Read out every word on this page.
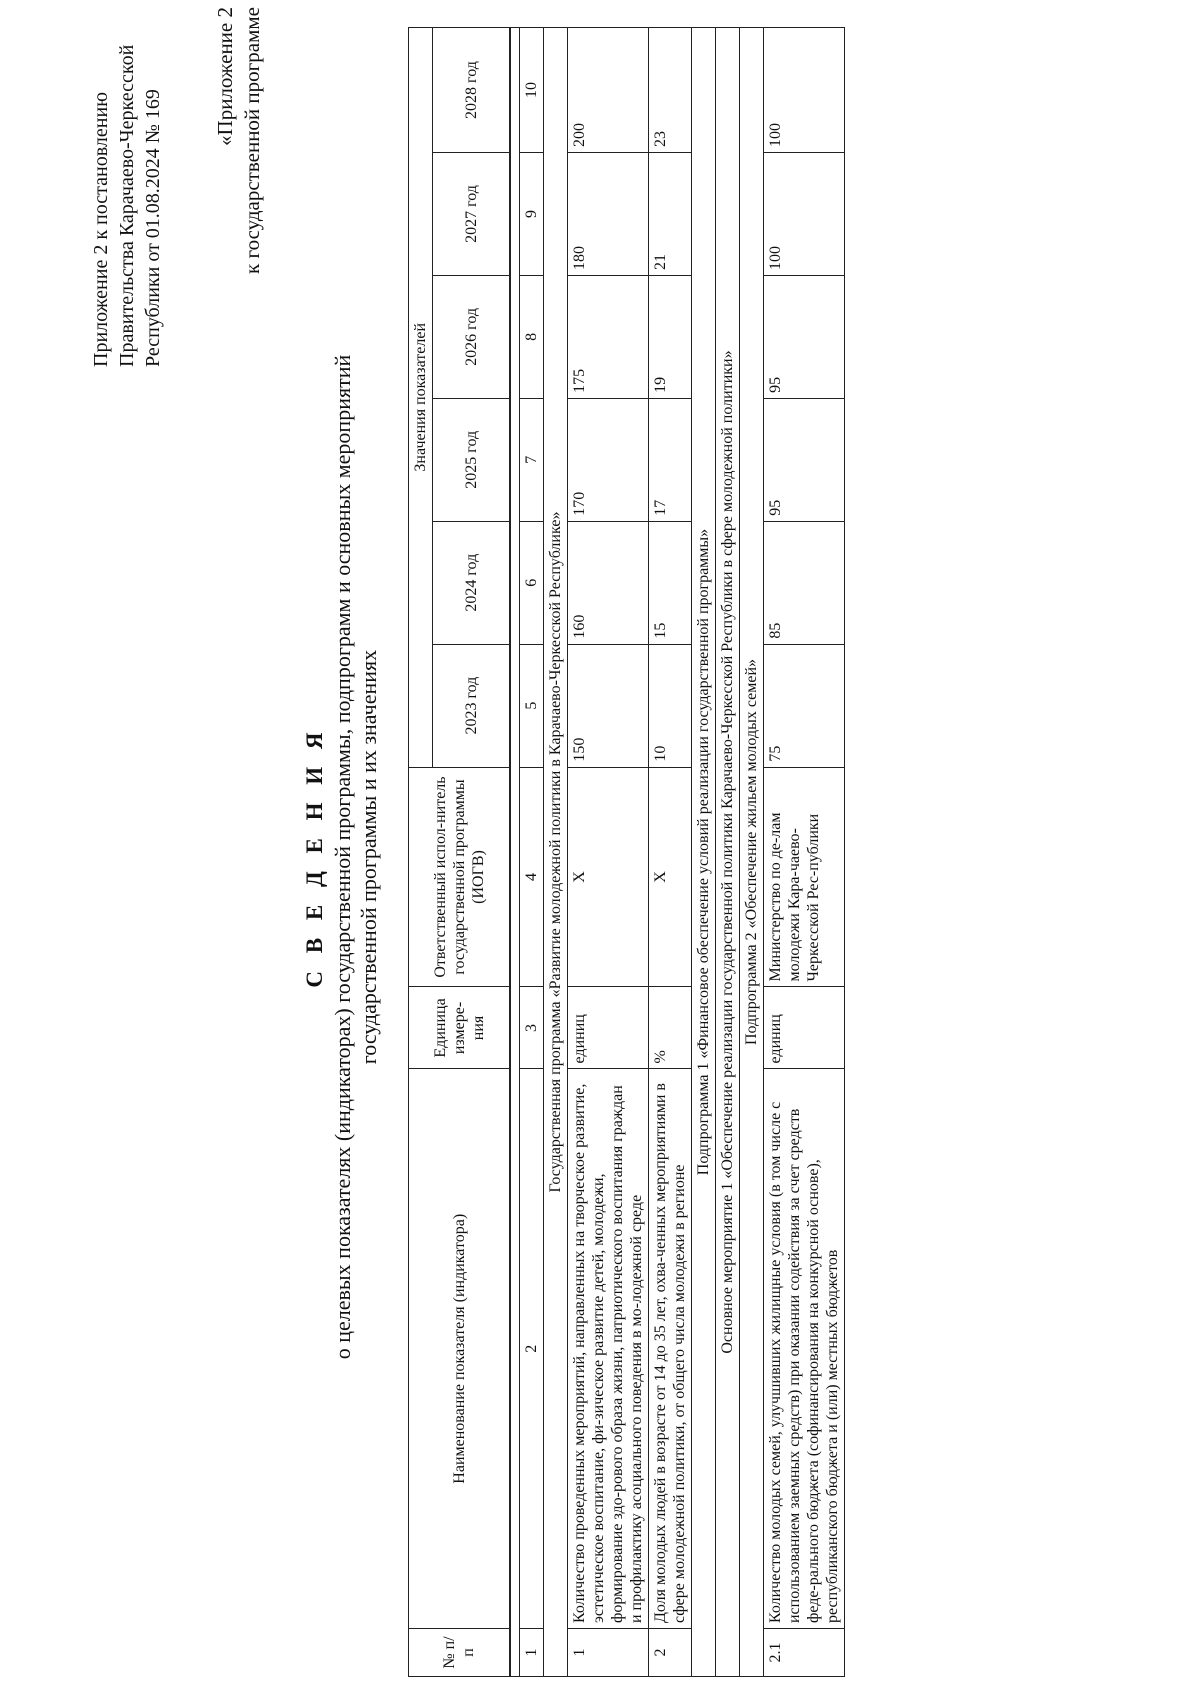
Приложение 2 к постановлению Правительства Карачаево-Черкесской Республики от 01.08.2024 № 169
«Приложение 2 к государственной программе
С В Е Д Е Н И Я о целевых показателях (индикаторах) государственной программы, подпрограмм и основных мероприятий государственной программы и их значениях
№ п/п	Наименование показателя (индикатора)	Единица измере-ния	Ответственный испол-нитель государственной программы (ИОГВ)	Значения показателей					
				2023 год	2024 год	2025 год	2026 год	2027 год	2028 год

1	2	3	4	5	6	7	8	9	10
Государственная программа «Развитие молодежной политики в Карачаево-Черкесской Республике»									
1	Количество проведенных мероприятий, направленных на творческое развитие, эстетическое воспитание, фи-зическое развитие детей, молодежи, формирование здо-рового образа жизни, патриотического воспитания граждан и профилактику асоциального поведения в мо-лодежной среде	единиц	Х	150	160	170	175	180	200
2	Доля молодых людей в возрасте от 14 до 35 лет, охва-ченных мероприятиями в сфере молодежной политики, от общего числа молодежи в регионе	%	Х	10	15	17	19	21	23
Подпрограмма 1 «Финансовое обеспечение условий реализации государственной программы»									
Основное мероприятие 1 «Обеспечение реализации государственной политики Карачаево-Черкесской Республики в сфере молодежной политики»									
Подпрограмма 2 «Обеспечение жильем молодых семей»									
2.1	Количество молодых семей, улучшивших жилищные условия (в том числе с использованием заемных средств) при оказании содействия за счет средств феде-рального бюджета (софинансирования на конкурсной основе), республиканского бюджета и (или) местных бюджетов	единиц	Министерство по де-лам молодежи Кара-чаево-Черкесской Рес-публики	75	85	95	95	100	100
